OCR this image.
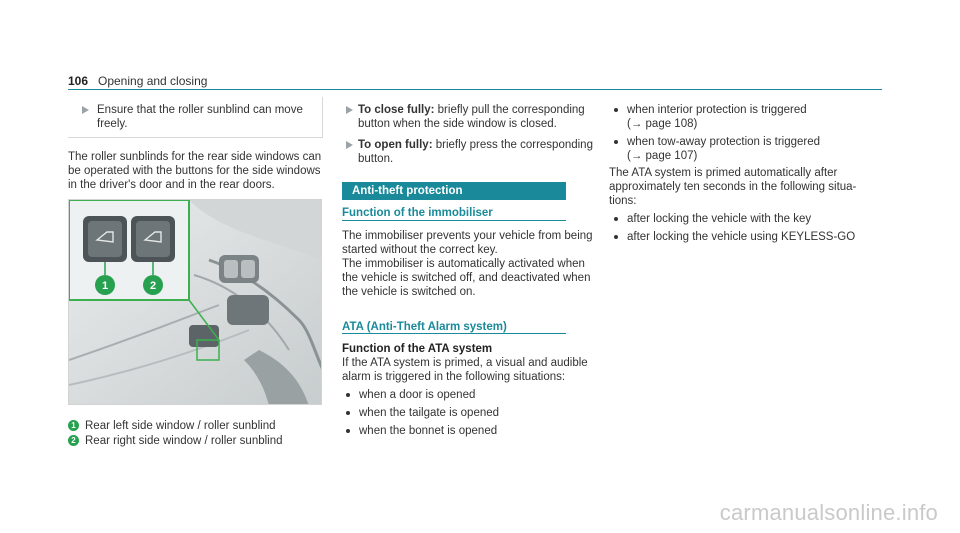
106 Opening and closing
Ensure that the roller sunblind can move
freely.
The roller sunblinds for the rear side windows can
be operated with the buttons for the side windows
in the driver's door and in the rear doors.
1	2
1 Rear left side window / roller sunblind
2 Rear right side window / roller sunblind
To close fully: briefly pull the corresponding
button when the side window is closed.
To open fully: briefly press the corresponding
button.
Anti-theft protection
Function of the immobiliser
The immobiliser prevents your vehicle from being
started without the correct key.
The immobiliser is automatically activated when
the vehicle is switched off, and deactivated when
the vehicle is switched on.
ATA (Anti-Theft Alarm system)
Function of the ATA system
If the ATA system is primed, a visual and audible
alarm is triggered in the following situations:
when a door is opened
when the tailgate is opened
when the bonnet is opened
when interior protection is triggered
(→ page 108)
when tow-away protection is triggered
(→ page 107)
The ATA system is primed automatically after
approximately ten seconds in the following situa-
tions:
after locking the vehicle with the key
after locking the vehicle using KEYLESS-GO
carmanualsonline.info
